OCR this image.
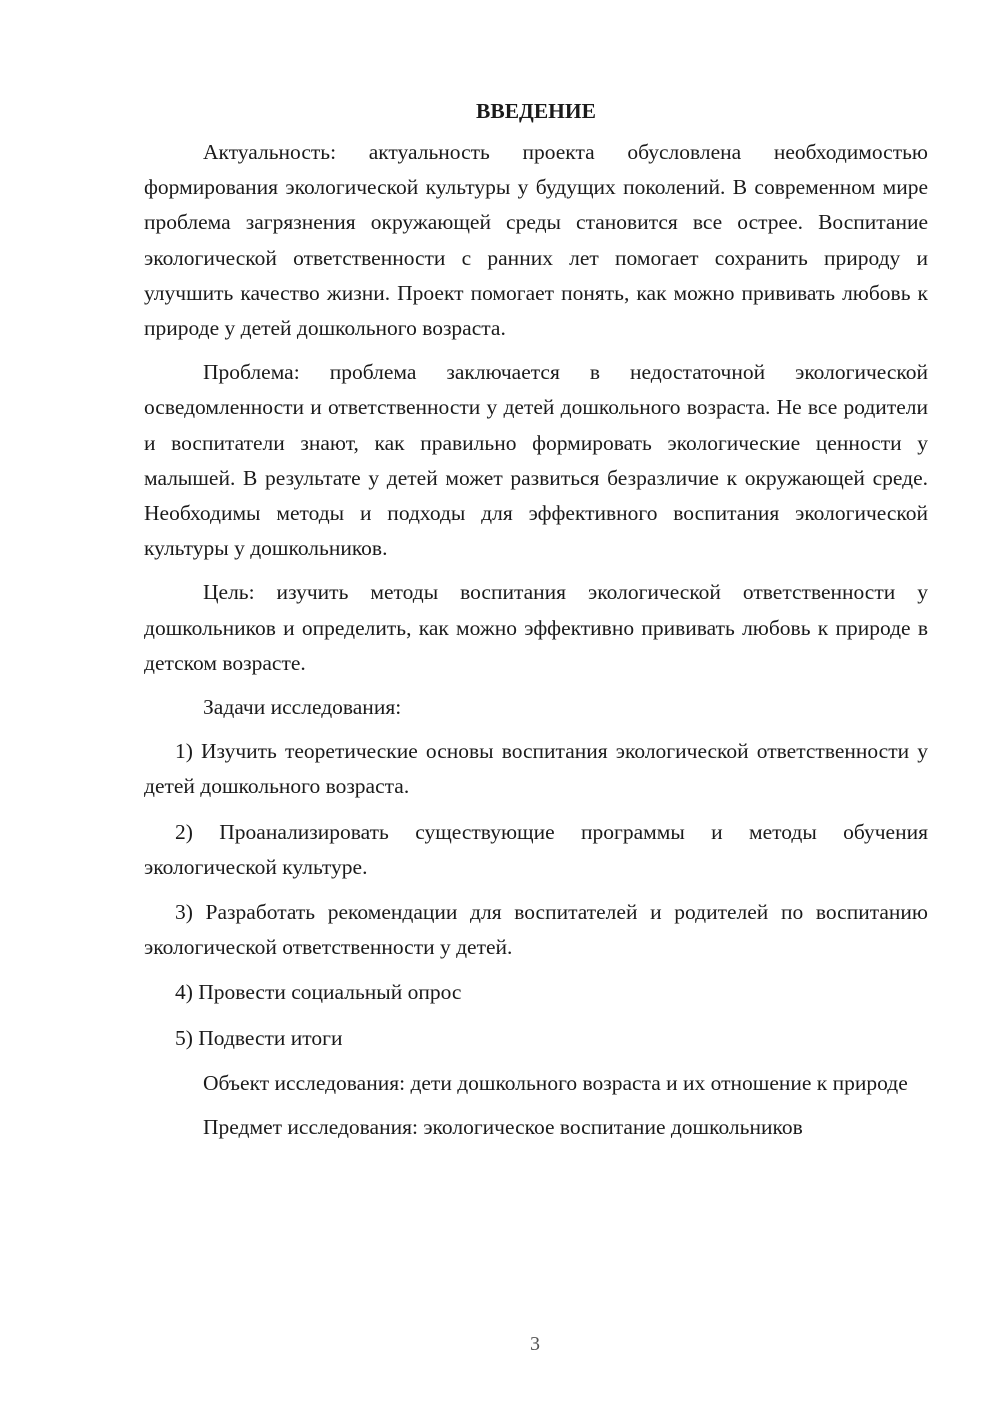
ВВЕДЕНИЕ

Актуальность: актуальность проекта обусловлена необходимостью формирования экологической культуры у будущих поколений. В современном мире проблема загрязнения окружающей среды становится все острее. Воспитание экологической ответственности с ранних лет помогает сохранить природу и улучшить качество жизни. Проект помогает понять, как можно прививать любовь к природе у детей дошкольного возраста.

Проблема: проблема заключается в недостаточной экологической осведомленности и ответственности у детей дошкольного возраста. Не все родители и воспитатели знают, как правильно формировать экологические ценности у малышей. В результате у детей может развиться безразличие к окружающей среде. Необходимы методы и подходы для эффективного воспитания экологической культуры у дошкольников.

Цель: изучить методы воспитания экологической ответственности у дошкольников и определить, как можно эффективно прививать любовь к природе в детском возрасте.

Задачи исследования:

1) Изучить теоретические основы воспитания экологической ответственности у детей дошкольного возраста.

2) Проанализировать существующие программы и методы обучения экологической культуре.

3) Разработать рекомендации для воспитателей и родителей по воспитанию экологической ответственности у детей.

4) Провести социальный опрос

5) Подвести итоги

Объект исследования: дети дошкольного возраста и их отношение к природе

Предмет исследования: экологическое воспитание дошкольников

3
